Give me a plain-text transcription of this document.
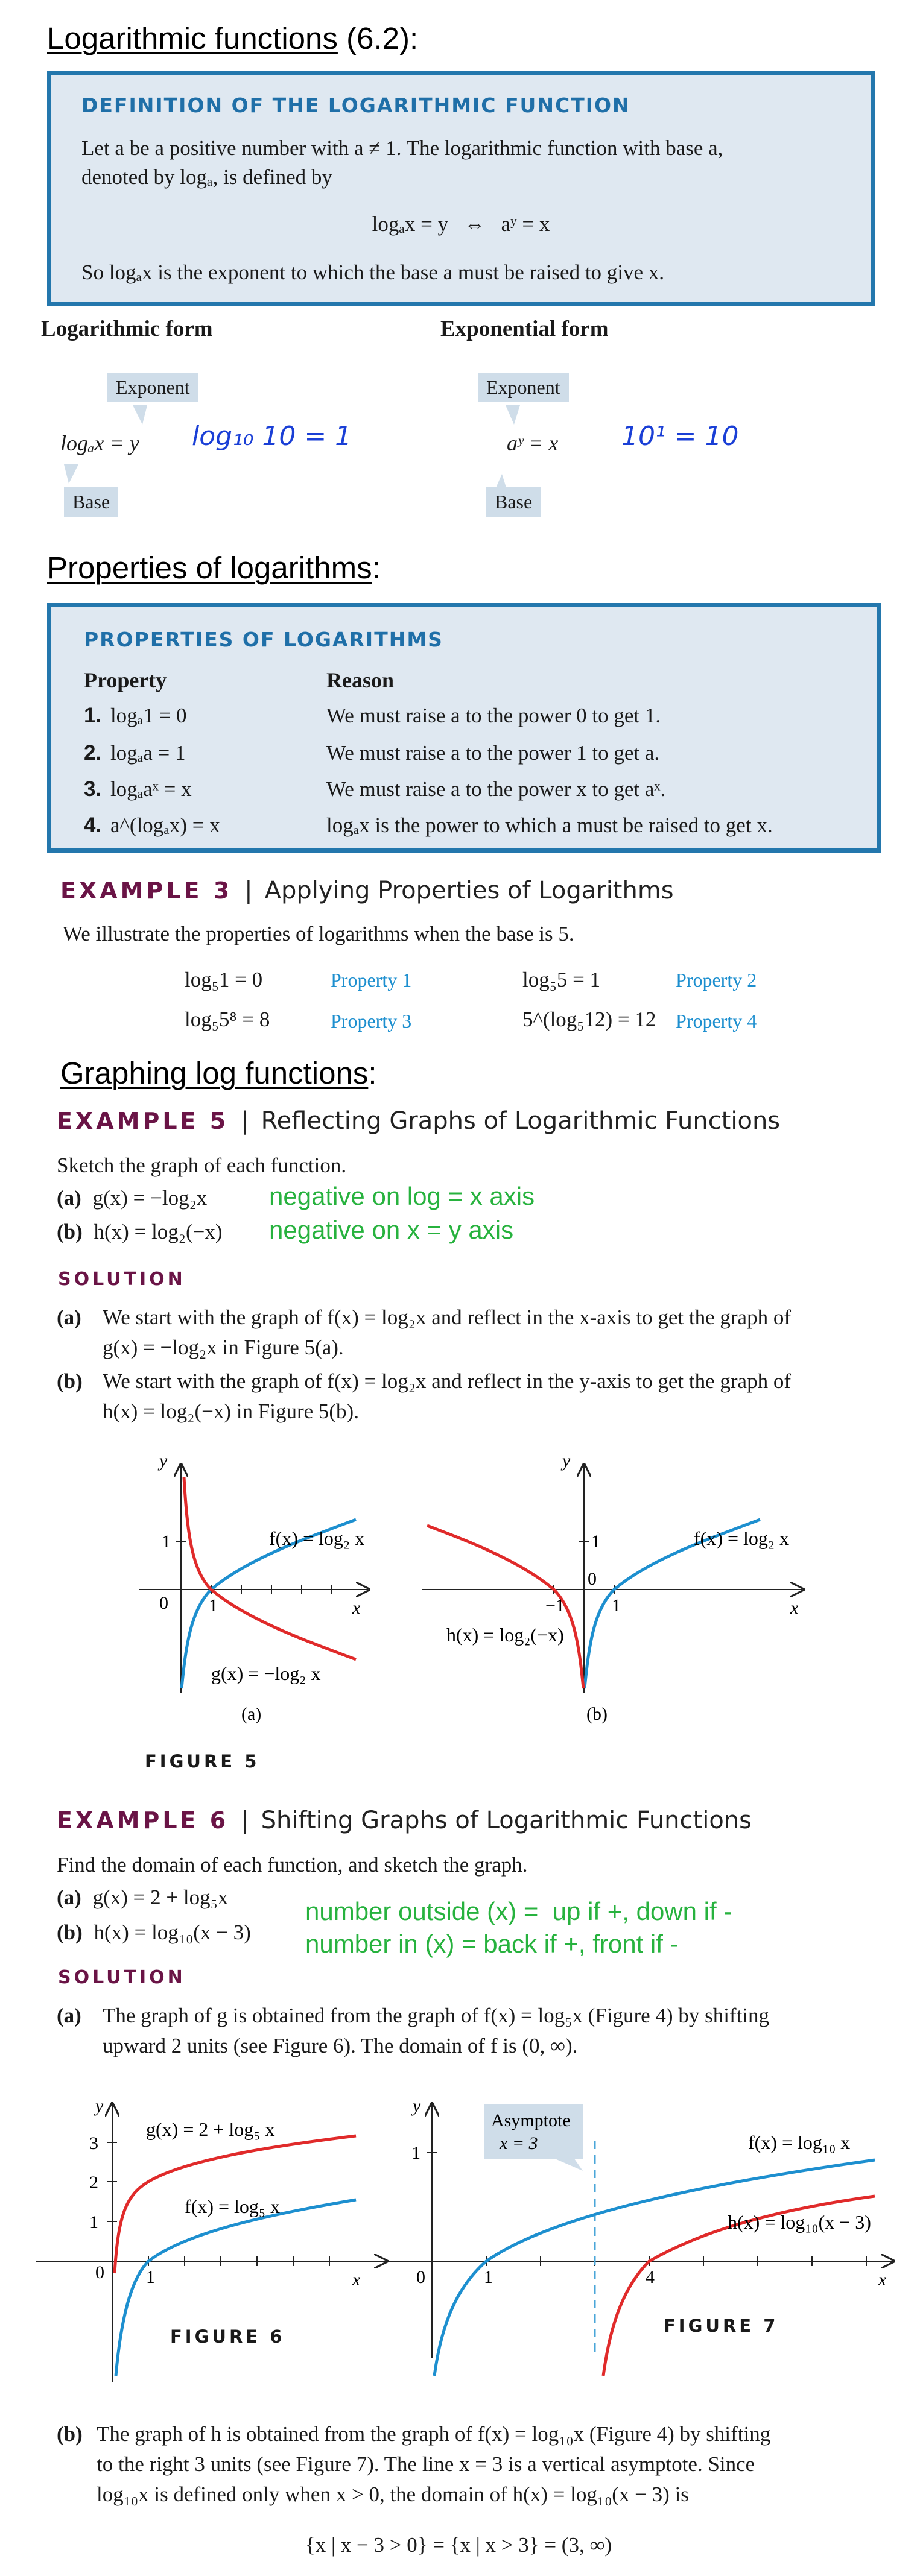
Logarithmic functions (6.2):
DEFINITION OF THE LOGARITHMIC FUNCTION
Let a be a positive number with a ≠ 1. The logarithmic function with base a,
denoted by logₐ, is defined by
logₐx = y   ⇔   aʸ = x
So logₐx is the exponent to which the base a must be raised to give x.
Logarithmic form	Exponential form
Exponent	Exponent
logₐx = y	aʸ = x
log₁₀ 10 = 1	10¹ = 10
Base	Base
Properties of logarithms:
PROPERTIES OF LOGARITHMS
Property	Reason
1. logₐ1 = 0	We must raise a to the power 0 to get 1.
2. logₐa = 1	We must raise a to the power 1 to get a.
3. logₐaˣ = x	We must raise a to the power x to get aˣ.
4. a^(logₐx) = x	logₐx is the power to which a must be raised to get x.
EXAMPLE 3 | Applying Properties of Logarithms
We illustrate the properties of logarithms when the base is 5.
log₅1 = 0	Property 1	log₅5 = 1	Property 2
log₅5⁸ = 8	Property 3	5^(log₅12) = 12 Property 4
Graphing log functions:
EXAMPLE 5 | Reflecting Graphs of Logarithmic Functions
Sketch the graph of each function.
(a) g(x) = −log₂x negative on log = x axis
(b) h(x) = log₂(−x) negative on x = y axis
SOLUTION
(a) We start with the graph of f(x) = log₂x and reflect in the x-axis to get the graph of
g(x) = −log₂x in Figure 5(a).
(b) We start with the graph of f(x) = log₂x and reflect in the y-axis to get the graph of
h(x) = log₂(−x) in Figure 5(b).
y
x
1
0 1
f(x) = log₂ x
g(x) = −log₂ x
(a)
y
x
1
0
−1	1
f(x) = log₂ x
h(x) = log₂(−x)
(b)
FIGURE 5
EXAMPLE 6 | Shifting Graphs of Logarithmic Functions
Find the domain of each function, and sketch the graph.
(a) g(x) = 2 + log₅x
(b) h(x) = log₁₀(x − 3)
number outside (x) =  up if +, down if -
number in (x) = back if +, front if -
SOLUTION
(a) The graph of g is obtained from the graph of f(x) = log₅x (Figure 4) by shifting
upward 2 units (see Figure 6). The domain of f is (0, ∞).
y
x
3
2
1
0 1
g(x) = 2 + log₅ x
f(x) = log₅ x
FIGURE 6
Asymptote
x = 3
y
x
1
0	1	4
f(x) = log₁₀ x
h(x) = log₁₀(x − 3)
FIGURE 7
(b) The graph of h is obtained from the graph of f(x) = log₁₀x (Figure 4) by shifting
to the right 3 units (see Figure 7). The line x = 3 is a vertical asymptote. Since
log₁₀x is defined only when x > 0, the domain of h(x) = log₁₀(x − 3) is
{x | x − 3 > 0} = {x | x > 3} = (3, ∞)
